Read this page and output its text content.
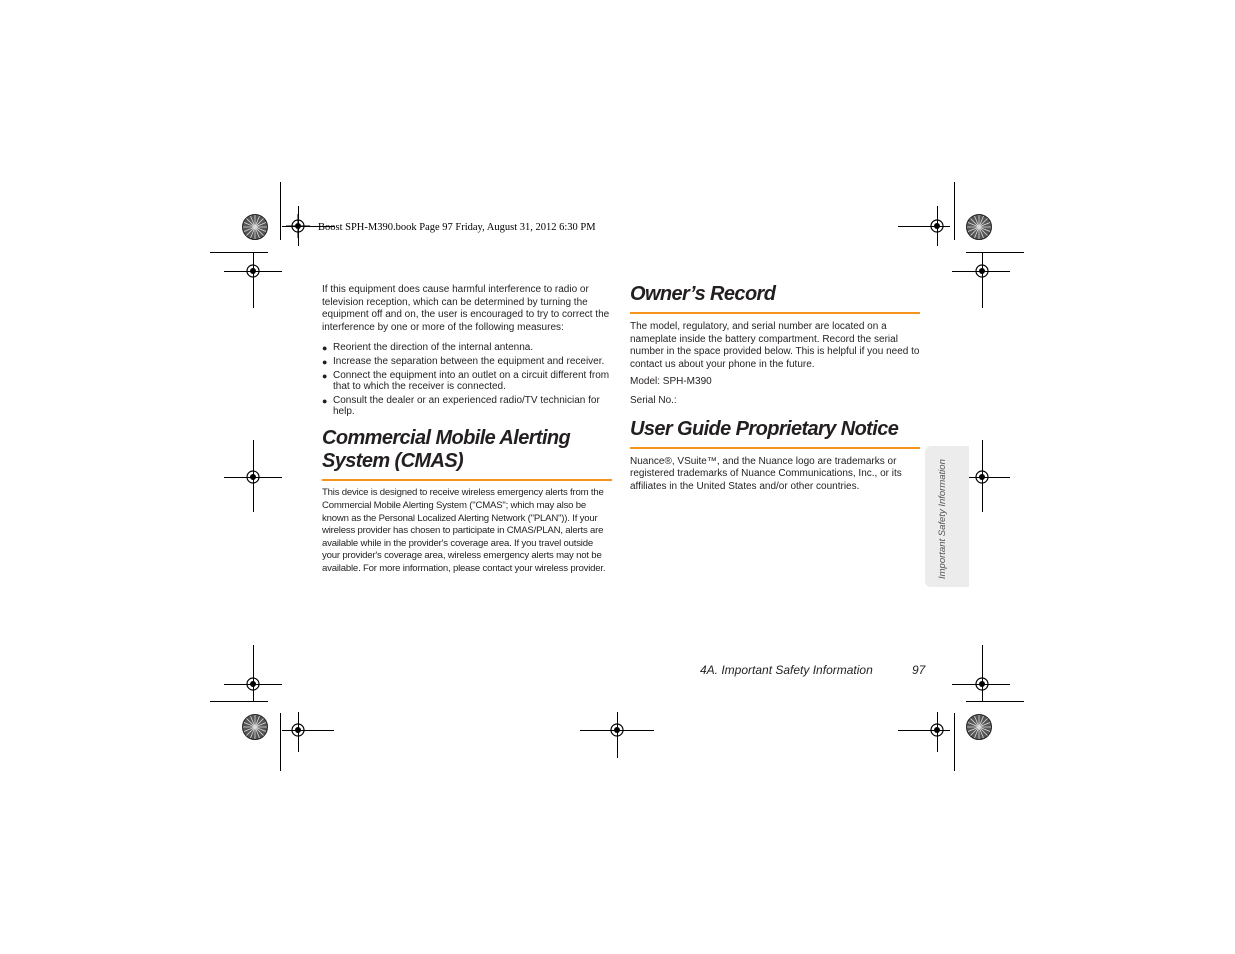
Boost SPH-M390.book Page 97 Friday, August 31, 2012 6:30 PM

If this equipment does cause harmful interference to radio or television reception, which can be determined by turning the equipment off and on, the user is encouraged to try to correct the interference by one or more of the following measures:

● Reorient the direction of the internal antenna.
● Increase the separation between the equipment and receiver.
● Connect the equipment into an outlet on a circuit different from that to which the receiver is connected.
● Consult the dealer or an experienced radio/TV technician for help.
Commercial Mobile Alerting
System (CMAS)

This device is designed to receive wireless emergency alerts from the Commercial Mobile Alerting System ("CMAS"; which may also be known as the Personal Localized Alerting Network ("PLAN")). If your wireless provider has chosen to participate in CMAS/PLAN, alerts are available while in the provider's coverage area. If you travel outside your provider's coverage area, wireless emergency alerts may not be available. For more information, please contact your wireless provider.

Owner’s Record

The model, regulatory, and serial number are located on a nameplate inside the battery compartment. Record the serial number in the space provided below. This is helpful if you need to contact us about your phone in the future.

Model: SPH-M390

Serial No.:

User Guide Proprietary Notice

Nuance®, VSuite™, and the Nuance logo are trademarks or registered trademarks of Nuance Communications, Inc., or its affiliates in the United States and/or other countries.	Important Safety Information
4A. Important Safety Information	97
